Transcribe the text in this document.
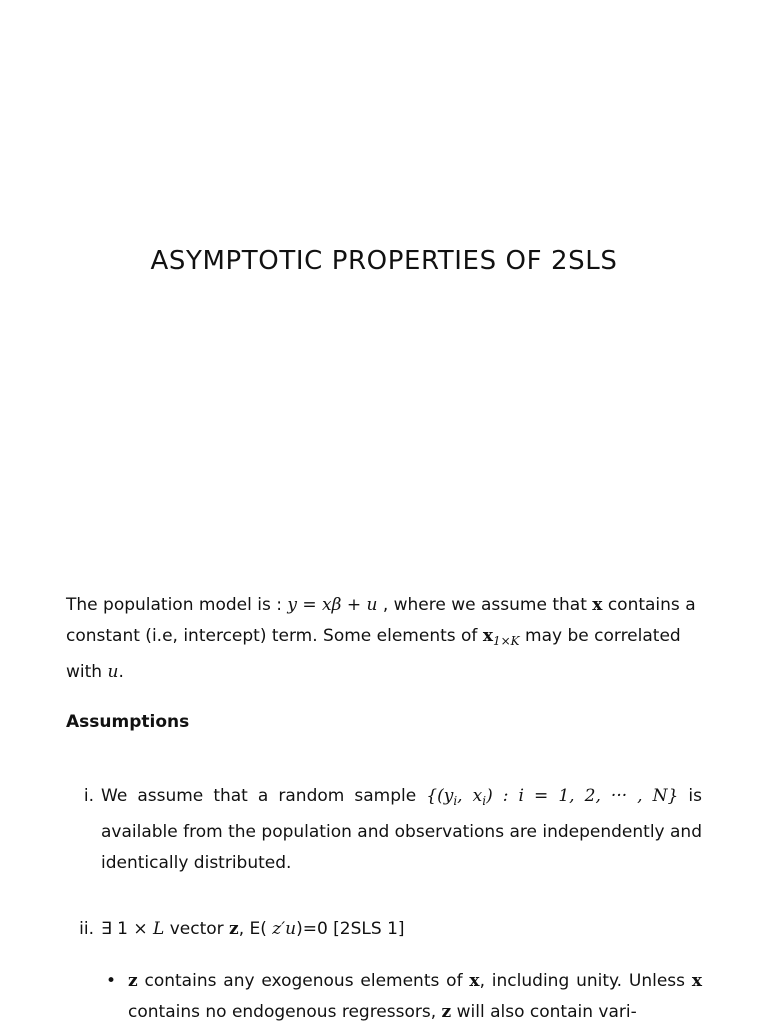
ASYMPTOTIC PROPERTIES OF 2SLS
The population model is : y = xβ + u , where we assume that x contains a constant (i.e, intercept) term. Some elements of $x_{1\times K}$ may be correlated with u.
Assumptions
i. We assume that a random sample {($y_i$, $x_i$) : i = 1, 2, ··· , N} is available from the population and observations are independently and identically distributed.
ii. ∃ 1 × L vector z, E( z′u)=0 [2SLS 1]
• z contains any exogenous elements of x, including unity. Unless x contains no endogenous regressors, z will also contain vari-
